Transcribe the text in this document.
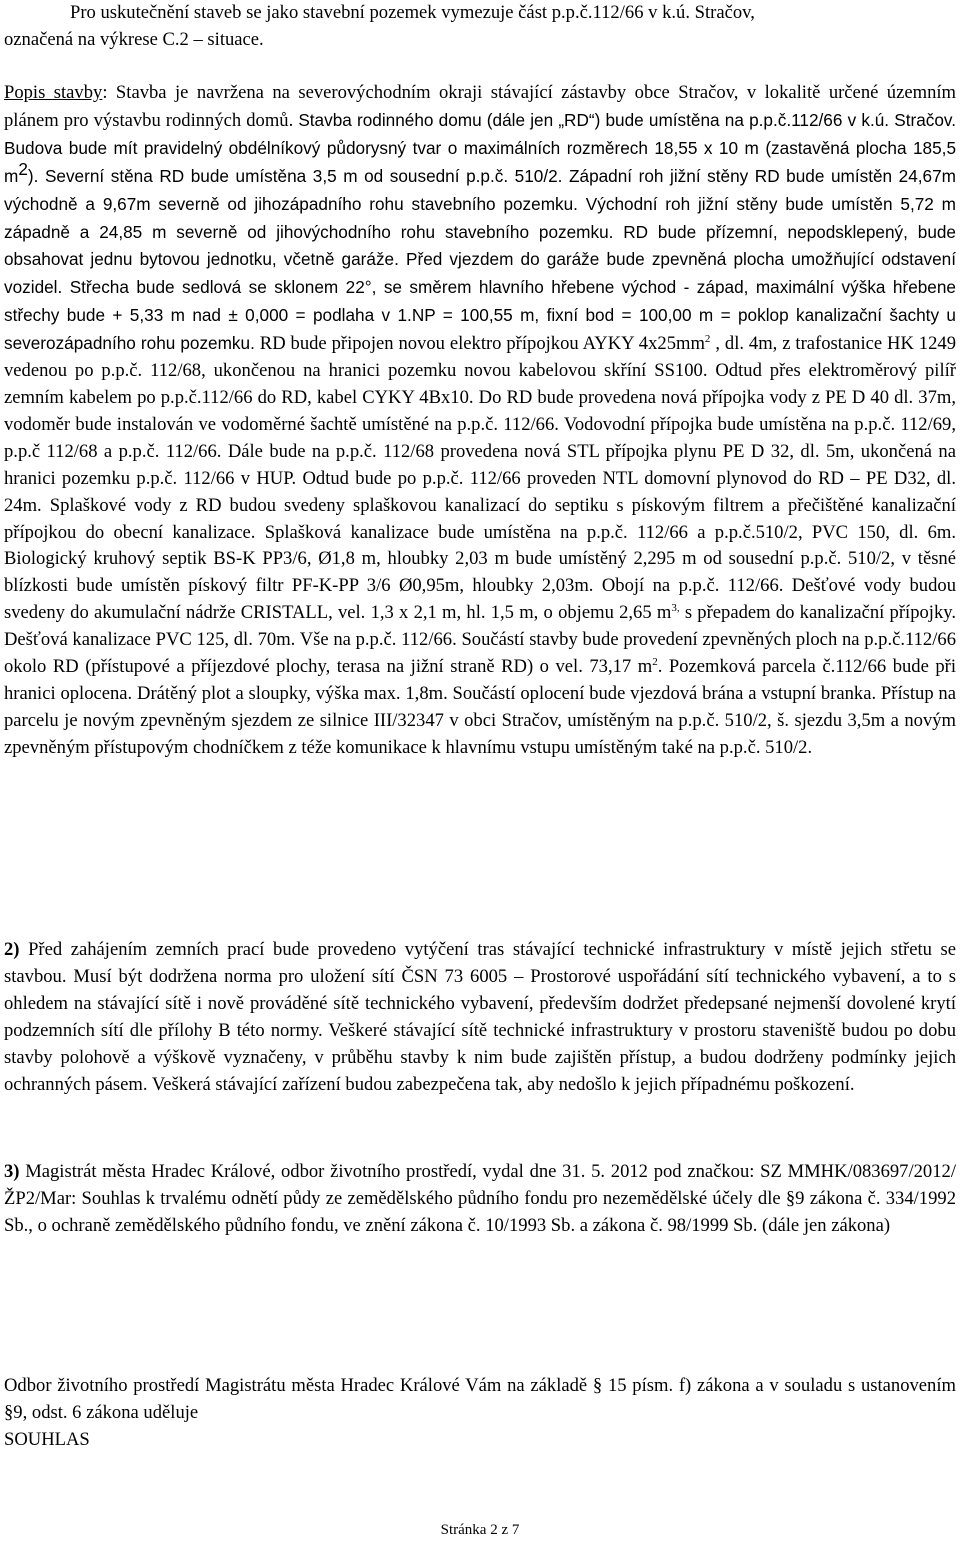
Pro uskutečnění staveb se jako stavební pozemek vymezuje část p.p.č.112/66 v k.ú. Stračov,

označená na výkrese C.2 – situace.

Popis stavby: Stavba je navržena na severovýchodním okraji stávající zástavby obce Stračov, v lokalitě určené územním plánem pro výstavbu rodinných domů. Stavba rodinného domu (dále jen „RD“) bude umístěna na p.p.č.112/66 v k.ú. Stračov. Budova bude mít pravidelný obdélníkový půdorysný tvar o maximálních rozměrech 18,55 x 10 m (zastavěná plocha 185,5 $m^2$). Severní stěna RD bude umístěna 3,5 m od sousední p.p.č. 510/2. Západní roh jižní stěny RD bude umístěn 24,67m východně a 9,67m severně od jihozápadního rohu stavebního pozemku. Východní roh jižní stěny bude umístěn 5,72 m západně a 24,85 m severně od jihovýchodního rohu stavebního pozemku. RD bude přízemní, nepodsklepený, bude obsahovat jednu bytovou jednotku, včetně garáže. Před vjezdem do garáže bude zpevněná plocha umožňující odstavení vozidel. Střecha bude sedlová se sklonem 22°, se směrem hlavního hřebene východ - západ, maximální výška hřebene střechy bude + 5,33 m nad ± 0,000 = podlaha v 1.NP = 100,55 m, fixní bod = 100,00 m = poklop kanalizační šachty u severozápadního rohu pozemku. RD bude připojen novou elektro přípojkou AYKY $4x25mm^2$ , dl. 4m, z trafostanice HK 1249 vedenou po p.p.č. 112/68, ukončenou na hranici pozemku novou kabelovou skříní SS100. Odtud přes elektroměrový pilíř zemním kabelem po p.p.č.112/66 do RD, kabel CYKY 4Bx10. Do RD bude provedena nová přípojka vody z PE D 40 dl. 37m, vodoměr bude instalován ve vodoměrné šachtě umístěné na p.p.č. 112/66. Vodovodní přípojka bude umístěna na p.p.č. 112/69, p.p.č 112/68 a p.p.č. 112/66. Dále bude na p.p.č. 112/68 provedena nová STL přípojka plynu PE D 32, dl. 5m, ukončená na hranici pozemku p.p.č. 112/66 v HUP. Odtud bude po p.p.č. 112/66 proveden NTL domovní plynovod do RD – PE D32, dl. 24m. Splaškové vody z RD budou svedeny splaškovou kanalizací do septiku s pískovým filtrem a přečištěné kanalizační přípojkou do obecní kanalizace. Splašková kanalizace bude umístěna na p.p.č. 112/66 a p.p.č.510/2, PVC 150, dl. 6m. Biologický kruhový septik BS-K PP3/6, Ø1,8 m, hloubky 2,03 m bude umístěný 2,295 m od sousední p.p.č. 510/2, v těsné blízkosti bude umístěn pískový filtr PF-K-PP 3/6 Ø0,95m, hloubky 2,03m. Obojí na p.p.č. 112/66. Dešťové vody budou svedeny do akumulační nádrže CRISTALL, vel. 1,3 x 2,1 m, hl. 1,5 m, o objemu 2,65 $m^{3,}$ s přepadem do kanalizační přípojky. Dešťová kanalizace PVC 125, dl. 70m. Vše na p.p.č. 112/66. Součástí stavby bude provedení zpevněných ploch na p.p.č.112/66 okolo RD (přístupové a příjezdové plochy, terasa na jižní straně RD) o vel. 73,17 $m^2$. Pozemková parcela č.112/66 bude při hranici oplocena. Drátěný plot a sloupky, výška max. 1,8m. Součástí oplocení bude vjezdová brána a vstupní branka. Přístup na parcelu je novým zpevněným sjezdem ze silnice III/32347 v obci Stračov, umístěným na p.p.č. 510/2, š. sjezdu 3,5m a novým zpevněným přístupovým chodníčkem z téže komunikace k hlavnímu vstupu umístěným také na p.p.č. 510/2.

2) Před zahájením zemních prací bude provedeno vytýčení tras stávající technické infrastruktury v místě jejich střetu se stavbou. Musí být dodržena norma pro uložení sítí ČSN 73 6005 – Prostorové uspořádání sítí technického vybavení, a to s ohledem na stávající sítě i nově prováděné sítě technického vybavení, především dodržet předepsané nejmenší dovolené krytí podzemních sítí dle přílohy B této normy. Veškeré stávající sítě technické infrastruktury v prostoru staveniště budou po dobu stavby polohově a výškově vyznačeny, v průběhu stavby k nim bude zajištěn přístup, a budou dodrženy podmínky jejich ochranných pásem. Veškerá stávající zařízení budou zabezpečena tak, aby nedošlo k jejich případnému poškození.

3) Magistrát města Hradec Králové, odbor životního prostředí, vydal dne 31. 5. 2012 pod značkou: SZ MMHK/083697/2012/ŽP2/Mar: Souhlas k trvalému odnětí půdy ze zemědělského půdního fondu pro nezemědělské účely dle §9 zákona č. 334/1992 Sb., o ochraně zemědělského půdního fondu, ve znění zákona č. 10/1993 Sb. a zákona č. 98/1999 Sb. (dále jen zákona)

Odbor životního prostředí Magistrátu města Hradec Králové Vám na základě § 15 písm. f) zákona a v souladu s ustanovením §9, odst. 6 zákona uděluje

SOUHLAS

Stránka 2 z 7
